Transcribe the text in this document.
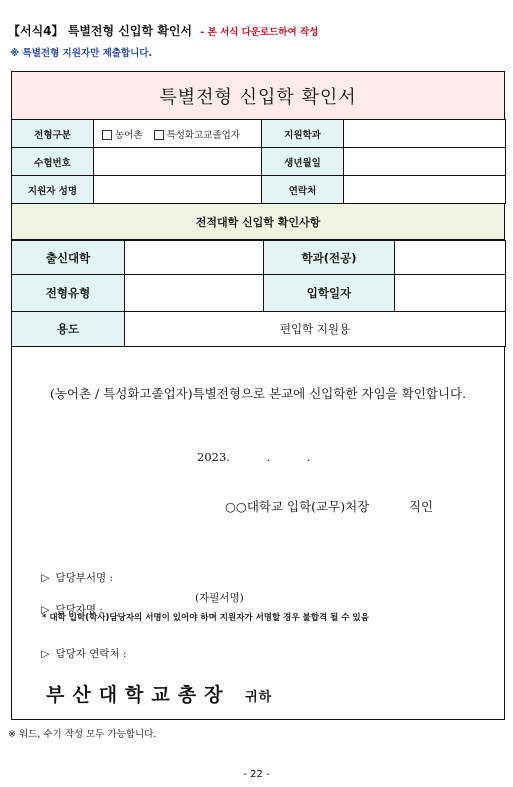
【서식4】 특별전형 신입학 확인서 - 본 서식 다운로드하여 작성
※ 특별전형 지원자만 제출합니다.
특별전형 신입학 확인서
전형구분	농어촌 특성화고교졸업자	지원학과	
수험번호		생년월일	
지원자 성명		연락처	
전적대학 신입학 확인사항
출신대학		학과(전공)	
전형유형		입학일자	
용도	편입학 지원용		
(농어촌 / 특성화고졸업자)특별전형으로 본교에 신입학한 자임을 확인합니다.
2023.          .          .
○○대학교 입학(교무)처장          직인

▷ 담당부서명 :

▷ 담당자명 :

(자필서명)
* 대학 입학(학사)담당자의 서명이 있어야 하며 지원자가 서명할 경우 불합격 될 수 있음

▷ 담당자 연락처 :

부산대학교총장 귀하
※ 워드, 수기 작성 모두 가능합니다.
- 22 -
